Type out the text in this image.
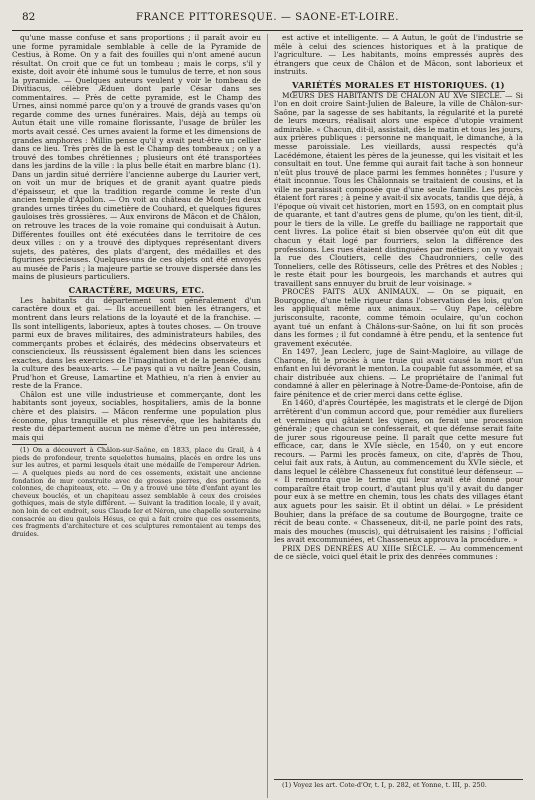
82	FRANCE PITTORESQUE. — SAONE-ET-LOIRE.

qu'une masse confuse et sans proportions ; il paraît avoir eu une forme pyramidale semblable à celle de la Pyramide de Cestius, à Rome. On y a fait des fouilles qui n'ont amené aucun résultat. On croit que ce fut un tombeau ; mais le corps, s'il y existe, doit avoir été inhumé sous le tumulus de terre, et non sous la pyramide. — Quelques auteurs veulent y voir le tombeau de Divitiacus, célèbre Æduen dont parle César dans ses commentaires. — Près de cette pyramide, est le Champ des Urnes, ainsi nommé parce qu'on y a trouvé de grands vases qu'on regarde comme des urnes funéraires. Mais, déjà au temps où Autun était une ville romaine florissante, l'usage de brûler les morts avait cessé. Ces urnes avaient la forme et les dimensions de grandes amphores : Millin pense qu'il y avait peut-être un cellier dans ce lieu. Très près de là est le Champ des tombeaux ; on y a trouvé des tombes chrétiennes ; plusieurs ont été transportées dans les jardins de la ville : la plus belle était en marbre blanc (1). Dans un jardin situé derrière l'ancienne auberge du Laurier vert, on voit un mur de briques et de granit ayant quatre pieds d'épaisseur, et que la tradition regarde comme le reste d'un ancien temple d'Apollon. — On voit au château de Mont-Jeu deux grandes urnes tirées du cimetière de Couhard, et quelques figures gauloises très grossières. — Aux environs de Mâcon et de Châlon, on retrouve les traces de la voie romaine qui conduisait à Autun. Différentes fouilles ont été exécutées dans le territoire de ces deux villes : on y a trouvé des diptyques représentant divers sujets, des patères, des plats d'argent, des médailles et des figurines précieuses. Quelques-uns de ces objets ont été envoyés au musée de Paris ; la majeure partie se trouve dispersée dans les mains de plusieurs particuliers.

CARACTÈRE, MŒURS, ETC.

Les habitants du département sont généralement d'un caractère doux et gai. — Ils accueillent bien les étrangers, et montrent dans leurs relations de la loyauté et de la franchise. — Ils sont intelligents, laborieux, aptes à toutes choses. — On trouve parmi eux de braves militaires, des administrateurs habiles, des commerçants probes et éclairés, des médecins observateurs et consciencieux. Ils réussissent également bien dans les sciences exactes, dans les exercices de l'imagination et de la pensée, dans la culture des beaux-arts. — Le pays qui a vu naître Jean Cousin, Prud'hon et Greuse, Lamartine et Mathieu, n'a rien à envier au reste de la France.

Châlon est une ville industrieuse et commerçante, dont les habitants sont joyeux, sociables, hospitaliers, amis de la bonne chère et des plaisirs. — Mâcon renferme une population plus économe, plus tranquille et plus réservée, que les habitants du reste du département aucun ne mème d'être un peu intéressée, mais qui

(1) On a découvert à Châlon-sur-Saône, en 1833, place du Grail, à 4 pieds de profondeur, trente squelettes humains, placés en ordre les uns sur les autres, et parmi lesquels était une médaille de l'empereur Adrien. — A quelques pieds au nord de ces ossements, existait une ancienne fondation de mur construite avec de grosses pierres, des portions de colonnes, de chapiteaux, etc. — On y a trouvé une tête d'enfant ayant les cheveux bouclés, et un chapiteau assez semblable à ceux des croisées gothiques, mais de style différent. — Suivant la tradition locale, il y avait, non loin de cet endroit, sous Claude Ier et Néron, une chapelle souterraine consacrée au dieu gaulois Hésus, ce qui a fait croire que ces ossements, ces fragments d'architecture et ces sculptures remontaient au temps des druides.

est active et intelligente. — A Autun, le goût de l'industrie se mêle à celui des sciences historiques et à la pratique de l'agriculture. — Les habitants, moins empressés auprès des étrangers que ceux de Châlon et de Mâcon, sont laborieux et instruits.

VARIÉTÉS MORALES ET HISTORIQUES. (1)

MŒURS DES HABITANTS DE CHALON AU XVe SIÈCLE. — Si l'on en doit croire Saint-Julien de Baleure, la ville de Châlon-sur-Saône, par la sagesse de ses habitants, la régularité et la pureté de leurs mœurs, réalisait alors une espèce d'utopie vraiment admirable. « Chacun, dit-il, assistait, dès le matin et tous les jours, aux prières publiques : personne ne manquait, le dimanche, à la messe paroissiale. Les vieillards, aussi respectés qu'à Lacédémone, étaient les pères de la jeunesse, qui les visitait et les consultait en tout. Une femme qui aurait fait tache à son honneur n'eût plus trouvé de place parmi les femmes honnêtes ; l'usure y était inconnue. Tous les Châlonnais se traitaient de cousins, et la ville ne paraissait composée que d'une seule famille. Les procès étaient fort rares ; à peine y avait-il six avocats, tandis que déjà, à l'époque où vivait cet historien, mort en 1593, on en comptait plus de quarante, et tant d'autres gens de plume, qu'on les tient, dit-il, pour le tiers de la ville. Le greffe du bailliage ne rapportait que cent livres. La police était si bien observée qu'on eût dit que chacun y était logé par fourriers, selon la différence des professions. Les rues étaient distinguées par métiers ; on y voyait la rue des Cloutiers, celle des Chaudronniers, celle des Tonneliers, celle des Rôtisseurs, celle des Prêtres et des Nobles ; le reste était pour les bourgeois, les marchands et autres qui travaillent sans ennuyer du bruit de leur voisinage. »

PROCÈS FAITS AUX ANIMAUX. — On se piquait, en Bourgogne, d'une telle rigueur dans l'observation des lois, qu'on les appliquait même aux animaux. — Guy Pape, célèbre jurisconsulte, raconte, comme témoin oculaire, qu'un cochon ayant tué un enfant à Châlons-sur-Saône, on lui fit son procès dans les formes ; il fut condamné à être pendu, et la sentence fut gravement exécutée.

En 1497, Jean Leclerc, juge de Saint-Magloire, au village de Charone, fit le procès à une truie qui avait causé la mort d'un enfant en lui dévorant le menton. La coupable fut assommée, et sa chair distribuée aux chiens. — Le propriétaire de l'animal fut condamné à aller en pèlerinage à Notre-Dame-de-Pontoise, afin de faire pénitence et de crier merci dans cette église.

En 1460, d'après Courtépée, les magistrats et le clergé de Dijon arrêtèrent d'un commun accord que, pour remédier aux flureliers et vermines qui gâtaient les vignes, on ferait une procession générale ; que chacun se confesserait, et que défense serait faite de jurer sous rigoureuse peine. Il paraît que cette mesure fut efficace, car, dans le XVIe siècle, en 1540, on y eut encore recours. — Parmi les procès fameux, on cite, d'après de Thou, celui fait aux rats, à Autun, au commencement du XVIe siècle, et dans lequel le célèbre Chasseneux fut constitué leur défenseur. — « Il remontra que le terme qui leur avait été donné pour comparaître était trop court, d'autant plus qu'il y avait du danger pour eux à se mettre en chemin, tous les chats des villages étant aux aguets pour les saisir. Et il obtint un délai. » Le président Bouhier, dans la préface de sa coutume de Bourgogne, traite ce récit de beau conte. « Chasseneux, dit-il, ne parle point des rats, mais des mouches (muscis), qui détruisaient les raisins ; l'official les avait excommuniées, et Chasseneux approuva la procédure. »

PRIX DES DENRÉES AU XIIIe SIÈCLE. — Au commencement de ce siècle, voici quel était le prix des denrées communes :

(1) Voyez les art. Cote-d'Or, t. I, p. 282, et Yonne, t. III, p. 250.
